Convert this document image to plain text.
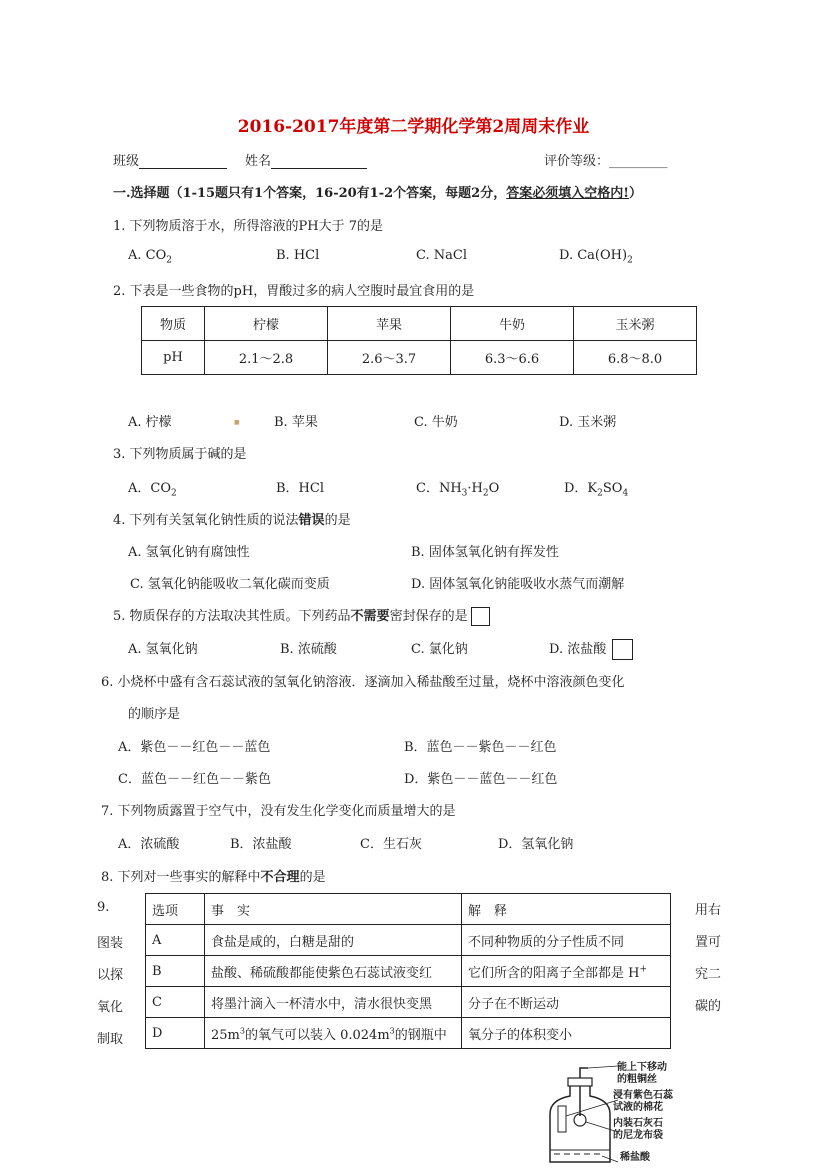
2016-2017年度第二学期化学第2周周末作业
班级	姓名	评价等级：_________
一.选择题（1-15题只有1个答案，16-20有1-2个答案，每题2分，答案必须填入空格内!）
1. 下列物质溶于水，所得溶液的PH大于 7的是
A. $CO_2$	B. HCl	C. NaCl	D. $Ca(OH)_2$
2. 下表是一些食物的pH，胃酸过多的病人空腹时最宜食用的是
物质	柠檬	苹果	牛奶	玉米粥
pH	2.1～2.8	2.6～3.7	6.3～6.6	6.8～8.0
A. 柠檬	■	B. 苹果	C. 牛奶	D. 玉米粥
3. 下列物质属于碱的是
A．$CO_2$	B．HCl	C．$NH_3\cdot H_2O$	D．$K_2SO_4$
4. 下列有关氢氧化钠性质的说法错误的是
A. 氢氧化钠有腐蚀性	B. 固体氢氧化钠有挥发性
C. 氢氧化钠能吸收二氧化碳而变质	D. 固体氢氧化钠能吸收水蒸气而潮解
5. 物质保存的方法取决其性质。下列药品不需要密封保存的是
A. 氢氧化钠	B. 浓硫酸	C. 氯化钠	D. 浓盐酸
6. 小烧杯中盛有含石蕊试液的氢氧化钠溶液．逐滴加入稀盐酸至过量，烧杯中溶液颜色变化
的顺序是
A．紫色－－红色－－蓝色	B．蓝色－－紫色－－红色
C．蓝色－－红色－－紫色	D．紫色－－蓝色－－红色
7. 下列物质露置于空气中，没有发生化学变化而质量增大的是
A．浓硫酸	B．浓盐酸	C．生石灰	D．氢氧化钠
8. 下列对一些事实的解释中不合理的是
选项	事　实	解　释
A	食盐是咸的，白糖是甜的	不同种物质的分子性质不同
B	盐酸、稀硫酸都能使紫色石蕊试液变红	它们所含的阳离子全部都是 H+
C	将墨汁滴入一杯清水中，清水很快变黑	分子在不断运动
D	$25m^3$的氧气可以装入 $0.024m^3$的钢瓶中	氧分子的体积变小
9.
图装
以探
氧化
制取
用右
置可
究二
碳的
能上下移动
的粗铜丝
浸有紫色石蕊
试液的棉花
内装石灰石
的尼龙布袋
稀盐酸
